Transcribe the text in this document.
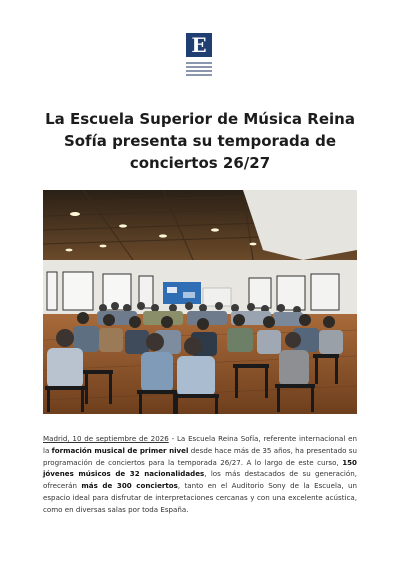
E
La Escuela Superior de Música Reina Sofía presenta su temporada de conciertos 26/27

Madrid, 10 de septiembre de 2026 - La Escuela Reina Sofía, referente internacional en la formación musical de primer nivel desde hace más de 35 años, ha presentado su programación de conciertos para la temporada 26/27. A lo largo de este curso, 150 jóvenes músicos de 32 nacionalidades, los más destacados de su generación, ofrecerán más de 300 conciertos, tanto en el Auditorio Sony de la Escuela, un espacio ideal para disfrutar de interpretaciones cercanas y con una excelente acústica, como en diversas salas por toda España.
